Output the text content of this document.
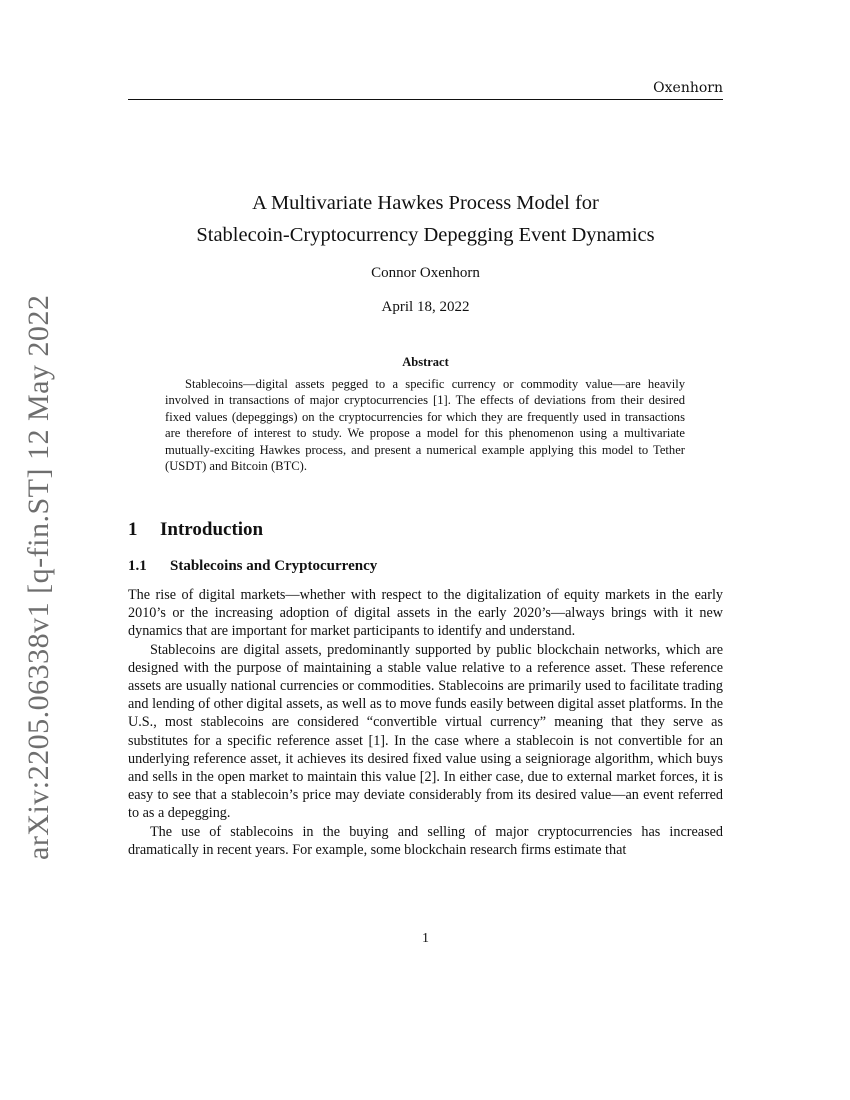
Oxenhorn
arXiv:2205.06338v1 [q-fin.ST] 12 May 2022
A Multivariate Hawkes Process Model for
Stablecoin-Cryptocurrency Depegging Event Dynamics
Connor Oxenhorn
April 18, 2022
Abstract
Stablecoins—digital assets pegged to a specific currency or commodity value—are heavily involved in transactions of major cryptocurrencies [1]. The effects of deviations from their desired fixed values (depeggings) on the cryptocurrencies for which they are frequently used in transactions are therefore of interest to study. We propose a model for this phenomenon using a multivariate mutually-exciting Hawkes process, and present a numerical example applying this model to Tether (USDT) and Bitcoin (BTC).
1 Introduction
1.1 Stablecoins and Cryptocurrency

The rise of digital markets—whether with respect to the digitalization of equity markets in the early 2010’s or the increasing adoption of digital assets in the early 2020’s—always brings with it new dynamics that are important for market participants to identify and understand.

Stablecoins are digital assets, predominantly supported by public blockchain networks, which are designed with the purpose of maintaining a stable value relative to a reference asset. These reference assets are usually national currencies or commodities. Stablecoins are primarily used to facilitate trading and lending of other digital assets, as well as to move funds easily between digital asset platforms. In the U.S., most stablecoins are considered “convertible virtual currency” meaning that they serve as substitutes for a specific reference asset [1]. In the case where a stablecoin is not convertible for an underlying reference asset, it achieves its desired fixed value using a seigniorage algorithm, which buys and sells in the open market to maintain this value [2]. In either case, due to external market forces, it is easy to see that a stablecoin’s price may deviate considerably from its desired value—an event referred to as a depegging.

The use of stablecoins in the buying and selling of major cryptocurrencies has increased dramatically in recent years. For example, some blockchain research firms estimate that

1
